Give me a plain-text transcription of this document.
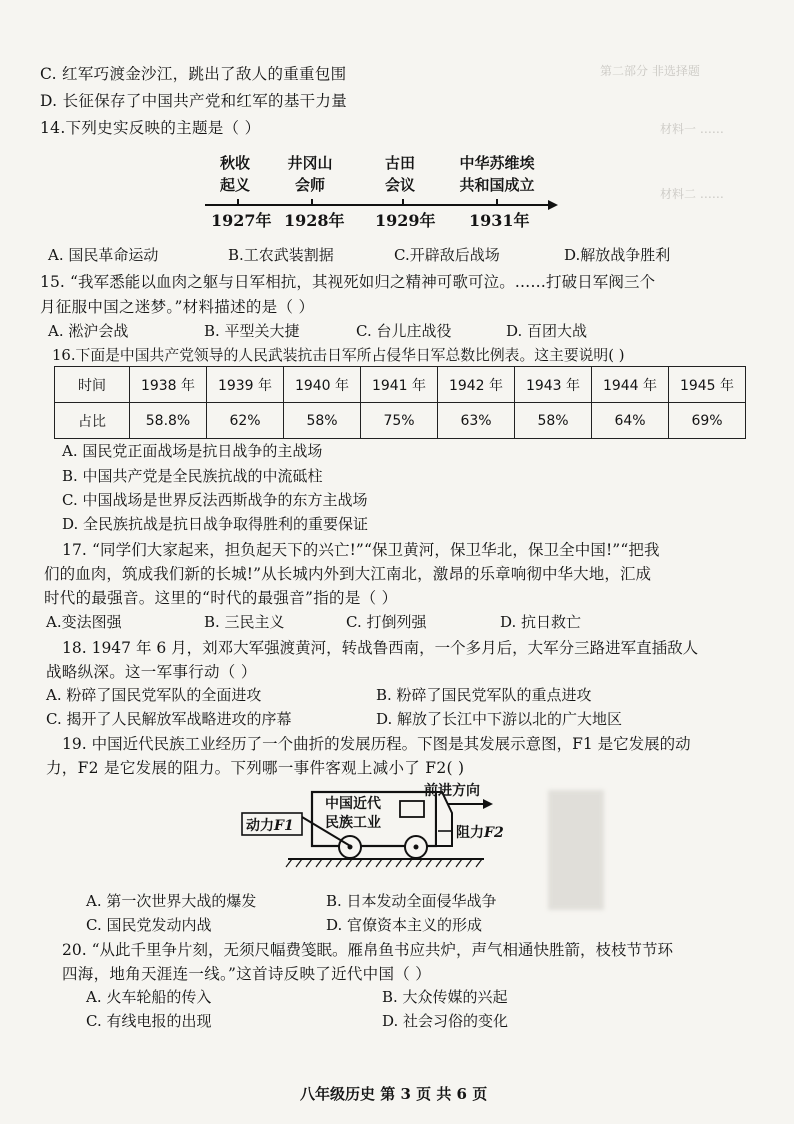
第二部分 非选择题
材料一 ……
材料二 ……
C. 红军巧渡金沙江，跳出了敌人的重重包围
D. 长征保存了中国共产党和红军的基干力量
14.下列史实反映的主题是（ ）
秋收
起义
井冈山
会师
古田
会议
中华苏维埃
共和国成立
1927年 1928年 1929年 1931年
A. 国民革命运动	B.工农武装割据	C.开辟敌后战场	D.解放战争胜利
15. “我军悉能以血肉之躯与日军相抗，其视死如归之精神可歌可泣。……打破日军阀三个
月征服中国之迷梦。”材料描述的是（ ）
A. 淞沪会战	B. 平型关大捷	C. 台儿庄战役	D. 百团大战
16.下面是中国共产党领导的人民武装抗击日军所占侵华日军总数比例表。这主要说明( )
时间	1938 年	1939 年	1940 年	1941 年	1942 年	1943 年	1944 年	1945 年
占比	58.8%	62%	58%	75%	63%	58%	64%	69%
A. 国民党正面战场是抗日战争的主战场
B. 中国共产党是全民族抗战的中流砥柱
C. 中国战场是世界反法西斯战争的东方主战场
D. 全民族抗战是抗日战争取得胜利的重要保证
17. “同学们大家起来，担负起天下的兴亡!”“保卫黄河，保卫华北，保卫全中国!”“把我
们的血肉，筑成我们新的长城!”从长城内外到大江南北，激昂的乐章响彻中华大地，汇成
时代的最强音。这里的“时代的最强音”指的是（ ）
A.变法图强	B. 三民主义	C. 打倒列强	D. 抗日救亡
18. 1947 年 6 月，刘邓大军强渡黄河，转战鲁西南，一个多月后，大军分三路进军直插敌人
战略纵深。这一军事行动（ ）
A. 粉碎了国民党军队的全面进攻	B. 粉碎了国民党军队的重点进攻
C. 揭开了人民解放军战略进攻的序幕	D. 解放了长江中下游以北的广大地区
19. 中国近代民族工业经历了一个曲折的发展历程。下图是其发展示意图，F1 是它发展的动
力，F2 是它发展的阻力。下列哪一事件客观上减小了 F2( )
中国近代
民族工业
前进方向
动力F1	阻力F2
A. 第一次世界大战的爆发	B. 日本发动全面侵华战争
C. 国民党发动内战	D. 官僚资本主义的形成
20. “从此千里争片刻，无须尺幅费笺眠。雁帛鱼书应共炉，声气相通快胜箭，枝枝节节环
四海，地角天涯连一线。”这首诗反映了近代中国（ ）
A. 火车轮船的传入	B. 大众传媒的兴起
C. 有线电报的出现	D. 社会习俗的变化
八年级历史 第 3 页 共 6 页
